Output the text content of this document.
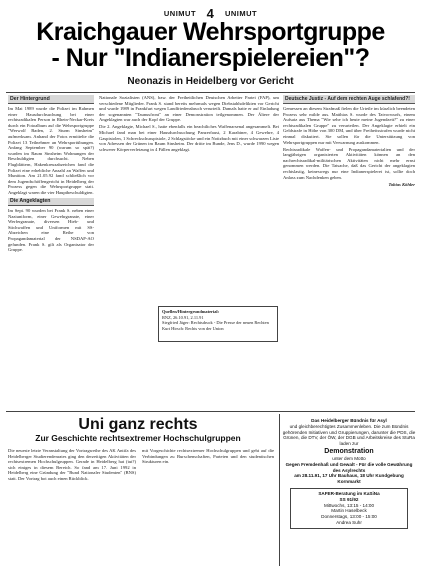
UNIMUT 4 UNIMUT
Kraichgauer Wehrsportgruppe
- Nur "Indianerspielereien"?
Neonazis in Heidelberg vor Gericht
Der Hintergrund

Im Mai 1989 wurde die Polizei im Rahmen einer Hausdurchsuchung bei einer rechtsradikalen Person in Rhein-Neckar-Kreis durch ein Fotoalbum auf die Wehrsportgruppe "Werwolf Baden, 2. Sturm Sinsheim" aufmerksam. Anhand der Fotos ermittelte die Polizei 13 Teilnehmer an Wehrsportübungen. Anfang September 90 (warum so spät?) wurden im Raum Sinsheim Wohnungen der Beschuldigten durchsucht. Neben Flugblättern, Hakenkreuzabzeichen fand die Polizei eine erhebliche Anzahl an Waffen und Munition. Am 21.05.92 fand schließlich vor dem Jugendschöffengericht in Heidelberg der Prozess gegen die Wehrsportgruppe statt. Angeklagt waren die vier Hauptbeschuldigten.

Die Angeklagten

Im Sept. 90 wurden bei Frank S. neben einer Naziuniform, einer Gewehrgranate, einer Werfergranate, diversen Hieb- und Stichwaffen und Uniformen mit SS-Abzeichen eine Reihe von Propagandamaterial der NSDAP-AO gefunden. Frank S. gilt als Organisator der Gruppe.

Nationale Sozialisten (ANS), bzw. der Freiheitlichen Deutschen Arbeiter Partei (FAP), um verschiedene Mitglieder. Frank S. stand bereits mehrmals wegen Diebstahlsdelikten vor Gericht und wurde 1989 in Frankfurt wegen Landfriedensbruch verurteilt. Damals hatte er auf Einladung der sogenannten "Taunusfront" an einer Demonstration teilgenommen. Der Ältere der Angeklagten war auch der Kopf der Gruppe.

Die 2. Angeklagte, Michael S., hatte ebenfalls ein beachtliches Waffenarsenal angesammelt. Bei Michael fand man bei einer Hausdurchsuchung Panzerfaust, 2 Karabiner, 4 Gewehre, 4 Gaspistolen, 1 Schreckschusspistole, 2 Schlagstöcke und ein Notizbuch mit einer schwarzen Liste von Adressen der Grünen im Raum Sinsheim. Der dritte im Bunde, Jens D., wurde 1990 wegen schwerer Körperverletzung in 4 Fällen angeklagt.

Quellen/Hintergrundmaterial:
RNZ, 26.10.91, 2.11.91
Siegfried Jäger: Rechtsdruck - Die Presse der neuen Rechten
Kurt Hirsch: Rechts von der Union
Deutsche Justiz - Auf dem rechten Auge schlafend?!

Gemessen an diesem Strafmaß fielen die Urteile im kürzlich beendeten Prozess sehr milde aus. Matthias S. wurde des Tatvorwurfs, einem Aufsatz aus Thema "Wie sehe ich heute meine Jugendzeit?" zu einer rechtsradikalen Gruppe" zu verurteilen. Der Angeklagte erhielt ein Geldstrafe in Höhe von 300 DM, und über Freiheitsstrafen wurde nicht einmal diskutiert. Sie sollen für die Unterstützung von Wehrsportgruppen nur mit Verwarnung auskommen.

Rechtsradikale Waffen- und Propagandamaterialien und der langjährigen organisierten Aktivitäten können an den nachrechtsradikal-militärischen Aktivitäten nicht mehr ernst genommen werden. Die Tatsache, daß das Gericht der angeklagten rechtslastig, keineswegs nur eine Indianerspielerei ist, sollte doch Anlass zum Nachdenken geben.

Tobias Köhler
Uni ganz rechts
Zur Geschichte rechtsextremer Hochschulgruppen

Die neueste letzte Veranstaltung der Vortragsreihe des AK Antifa des Heidelberger Studierendenrates ging den derzeitigen Aktivitäten der rechtsextremen Hochschulgruppen. Gerade in Heidelberg hat (tut?) sich einiges in diesem Bereich. So fand am 17. Juni 1992 in Heidelberg eine Gründung der "Bund Nationaler Studenten" (BNS) statt. Der Vortrag bot auch einen Rückblick.

mit Vorgeschichte rechtsextremer Hochschulgruppen und geht auf die Verbindungen zu Burschenschaften, Parteien und den studentischen Strukturen ein.

Das Heidelberger Bündnis für Asyl
und gleichberechtigtes Zusammenleben. Die zum Bündnis gehörenden Initiativen und Gruppierungen, darunter die PDS, die Grünen, die DTV, der ÖW, der DGB und Arbeitskreise des StuRa
laden zur
Demonstration
unter dem Motto
Gegen Fremdenhaß und Gewalt - Für die volle Gewährung des Asylrechts
am 28.11.91, 17 Uhr Bauhaus, 18 Uhr Kundgebung Kornmarkt
SAFER-Beratung im KaSiNa
SS 91/92
Mittwochs, 13:15 - 14:00
Martin Haselbeck
Donnerstags, 13:00 - 15:00
Andrea Suhr
